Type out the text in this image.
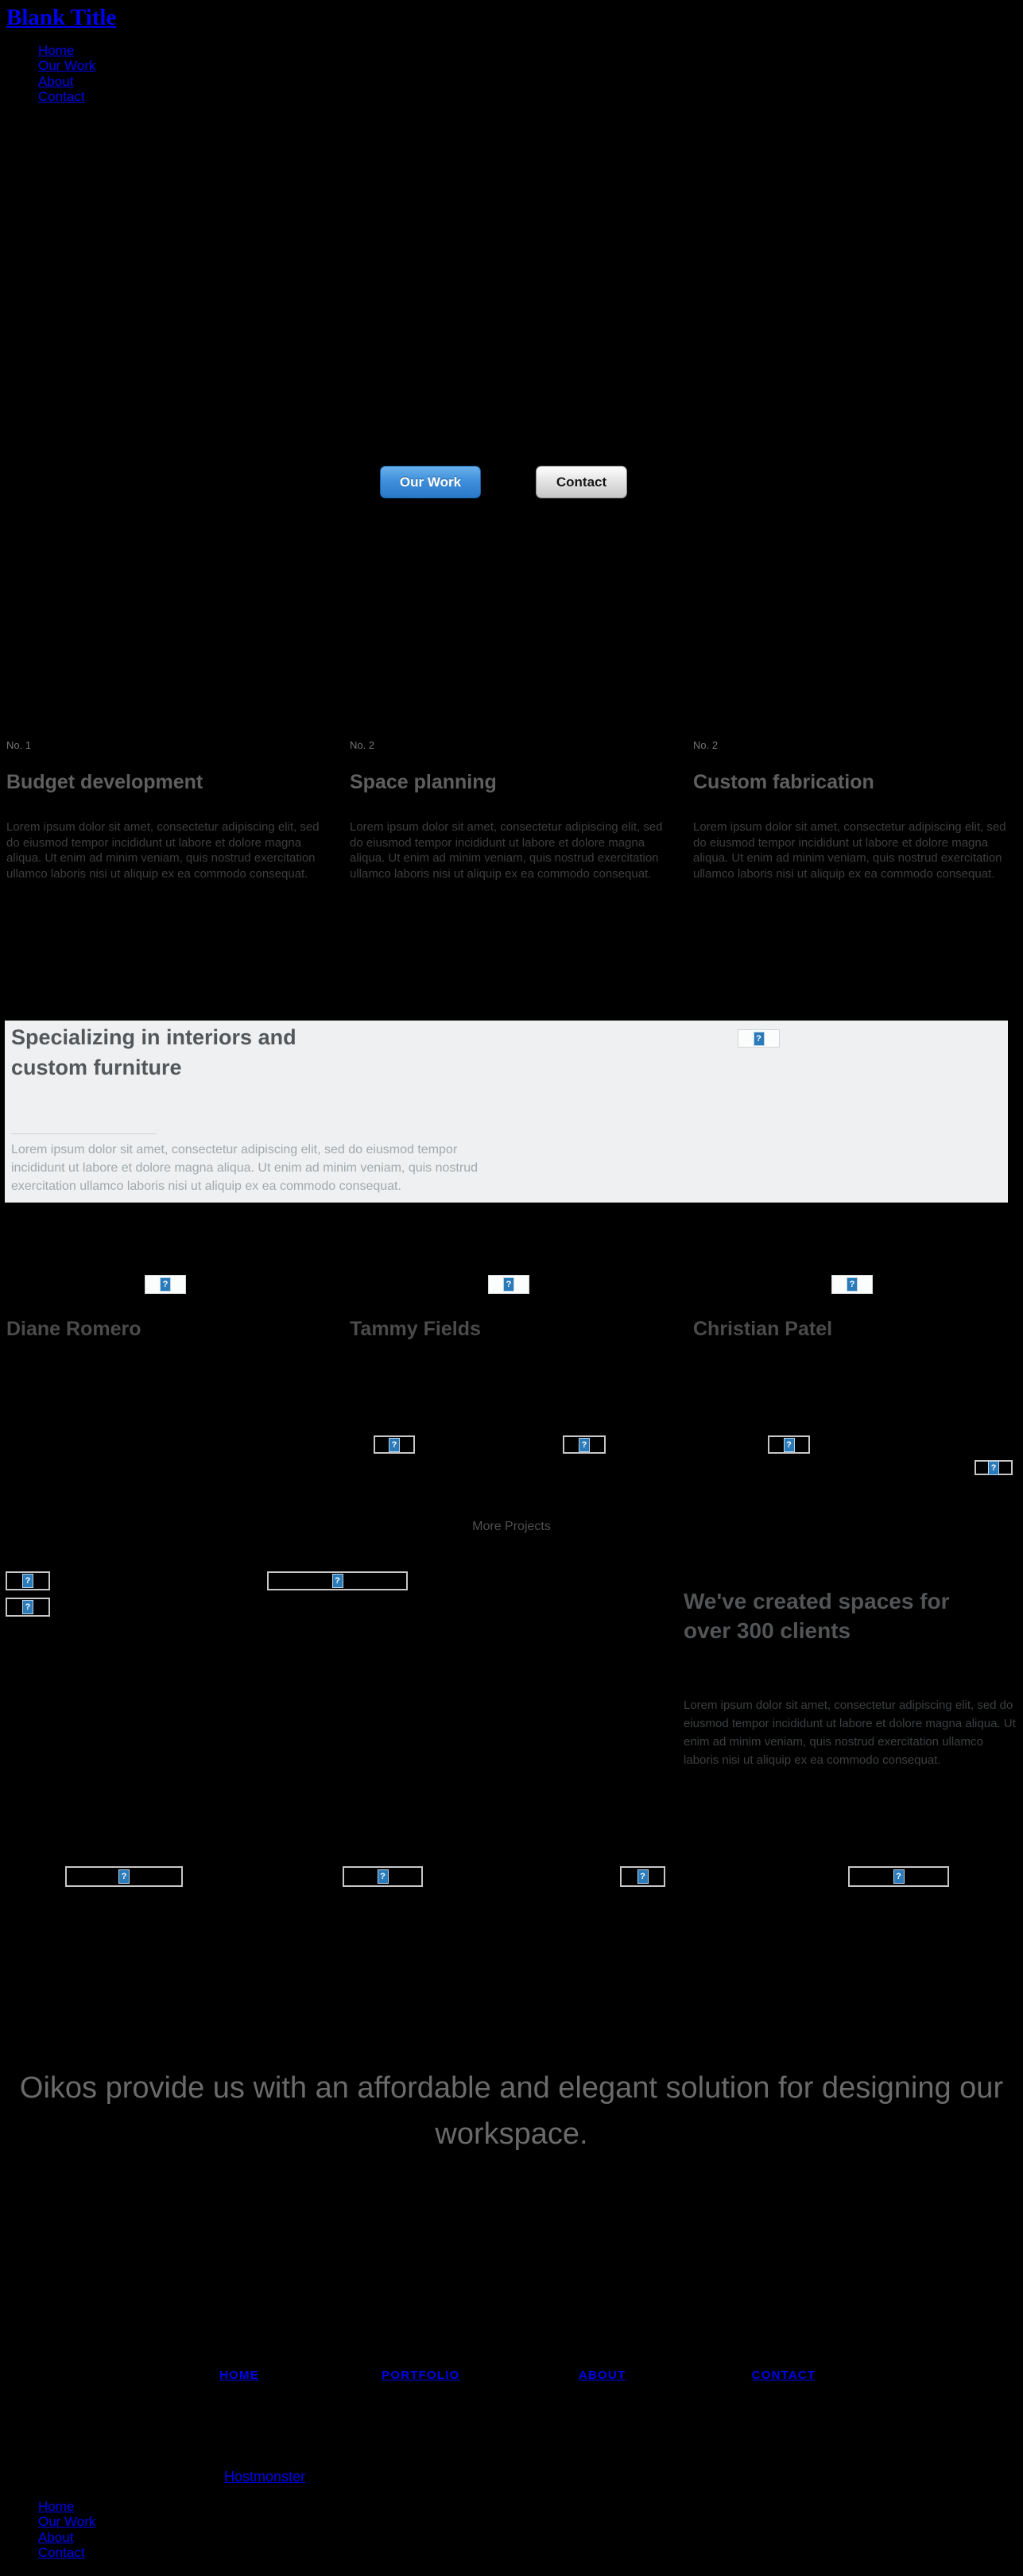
Blank Title
Home
Our Work
About
Contact
Our Work	Contact
No. 1
Budget development

Lorem ipsum dolor sit amet, consectetur adipiscing elit, sed do eiusmod tempor incididunt ut labore et dolore magna aliqua. Ut enim ad minim veniam, quis nostrud exercitation ullamco laboris nisi ut aliquip ex ea commodo consequat.

No. 2
Space planning

Lorem ipsum dolor sit amet, consectetur adipiscing elit, sed do eiusmod tempor incididunt ut labore et dolore magna aliqua. Ut enim ad minim veniam, quis nostrud exercitation ullamco laboris nisi ut aliquip ex ea commodo consequat.

No. 2
Custom fabrication

Lorem ipsum dolor sit amet, consectetur adipiscing elit, sed do eiusmod tempor incididunt ut labore et dolore magna aliqua. Ut enim ad minim veniam, quis nostrud exercitation ullamco laboris nisi ut aliquip ex ea commodo consequat.

Specializing in interiors and custom furniture
?

Lorem ipsum dolor sit amet, consectetur adipiscing elit, sed do eiusmod tempor incididunt ut labore et dolore magna aliqua. Ut enim ad minim veniam, quis nostrud exercitation ullamco laboris nisi ut aliquip ex ea commodo consequat.

?
Diane Romero
?
Tammy Fields
?
Christian Patel
?	?	?
?
More Projects
?
?
?
We've created spaces for over 300 clients

Lorem ipsum dolor sit amet, consectetur adipiscing elit, sed do eiusmod tempor incididunt ut labore et dolore magna aliqua. Ut enim ad minim veniam, quis nostrud exercitation ullamco laboris nisi ut aliquip ex ea commodo consequat.

?	?	?	?

Oikos provide us with an affordable and elegant solution for designing our workspace.

HOME	PORTFOLIO	ABOUT	CONTACT
Hostmonster
Home
Our Work
About
Contact
